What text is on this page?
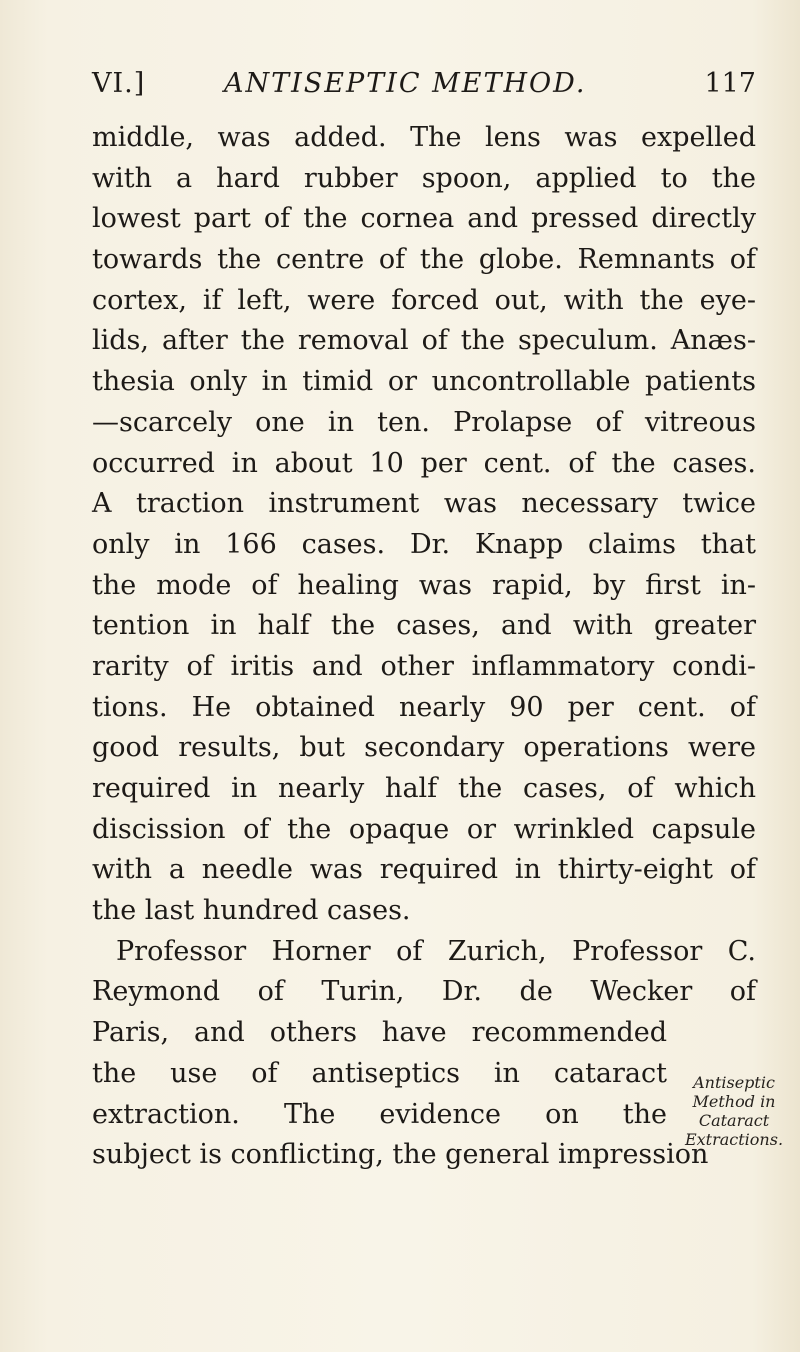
VI.]	ANTISEPTIC METHOD.	117
middle, was added. The lens was expelled
with a hard rubber spoon, applied to the
lowest part of the cornea and pressed directly
towards the centre of the globe. Remnants of
cortex, if left, were forced out, with the eye-
lids, after the removal of the speculum. Anæs-
thesia only in timid or uncontrollable patients
—scarcely one in ten. Prolapse of vitreous
occurred in about 10 per cent. of the cases.
A traction instrument was necessary twice
only in 166 cases. Dr. Knapp claims that
the mode of healing was rapid, by first in-
tention in half the cases, and with greater
rarity of iritis and other inflammatory condi-
tions. He obtained nearly 90 per cent. of
good results, but secondary operations were
required in nearly half the cases, of which
discission of the opaque or wrinkled capsule
with a needle was required in thirty-eight of
the last hundred cases.
Professor Horner of Zurich, Professor C.
Reymond of Turin, Dr. de Wecker of
Paris, and others have recommended
the use of antiseptics in cataract
extraction. The evidence on the
subject is conflicting, the general impression
Antiseptic
Method in
Cataract
Extractions.
